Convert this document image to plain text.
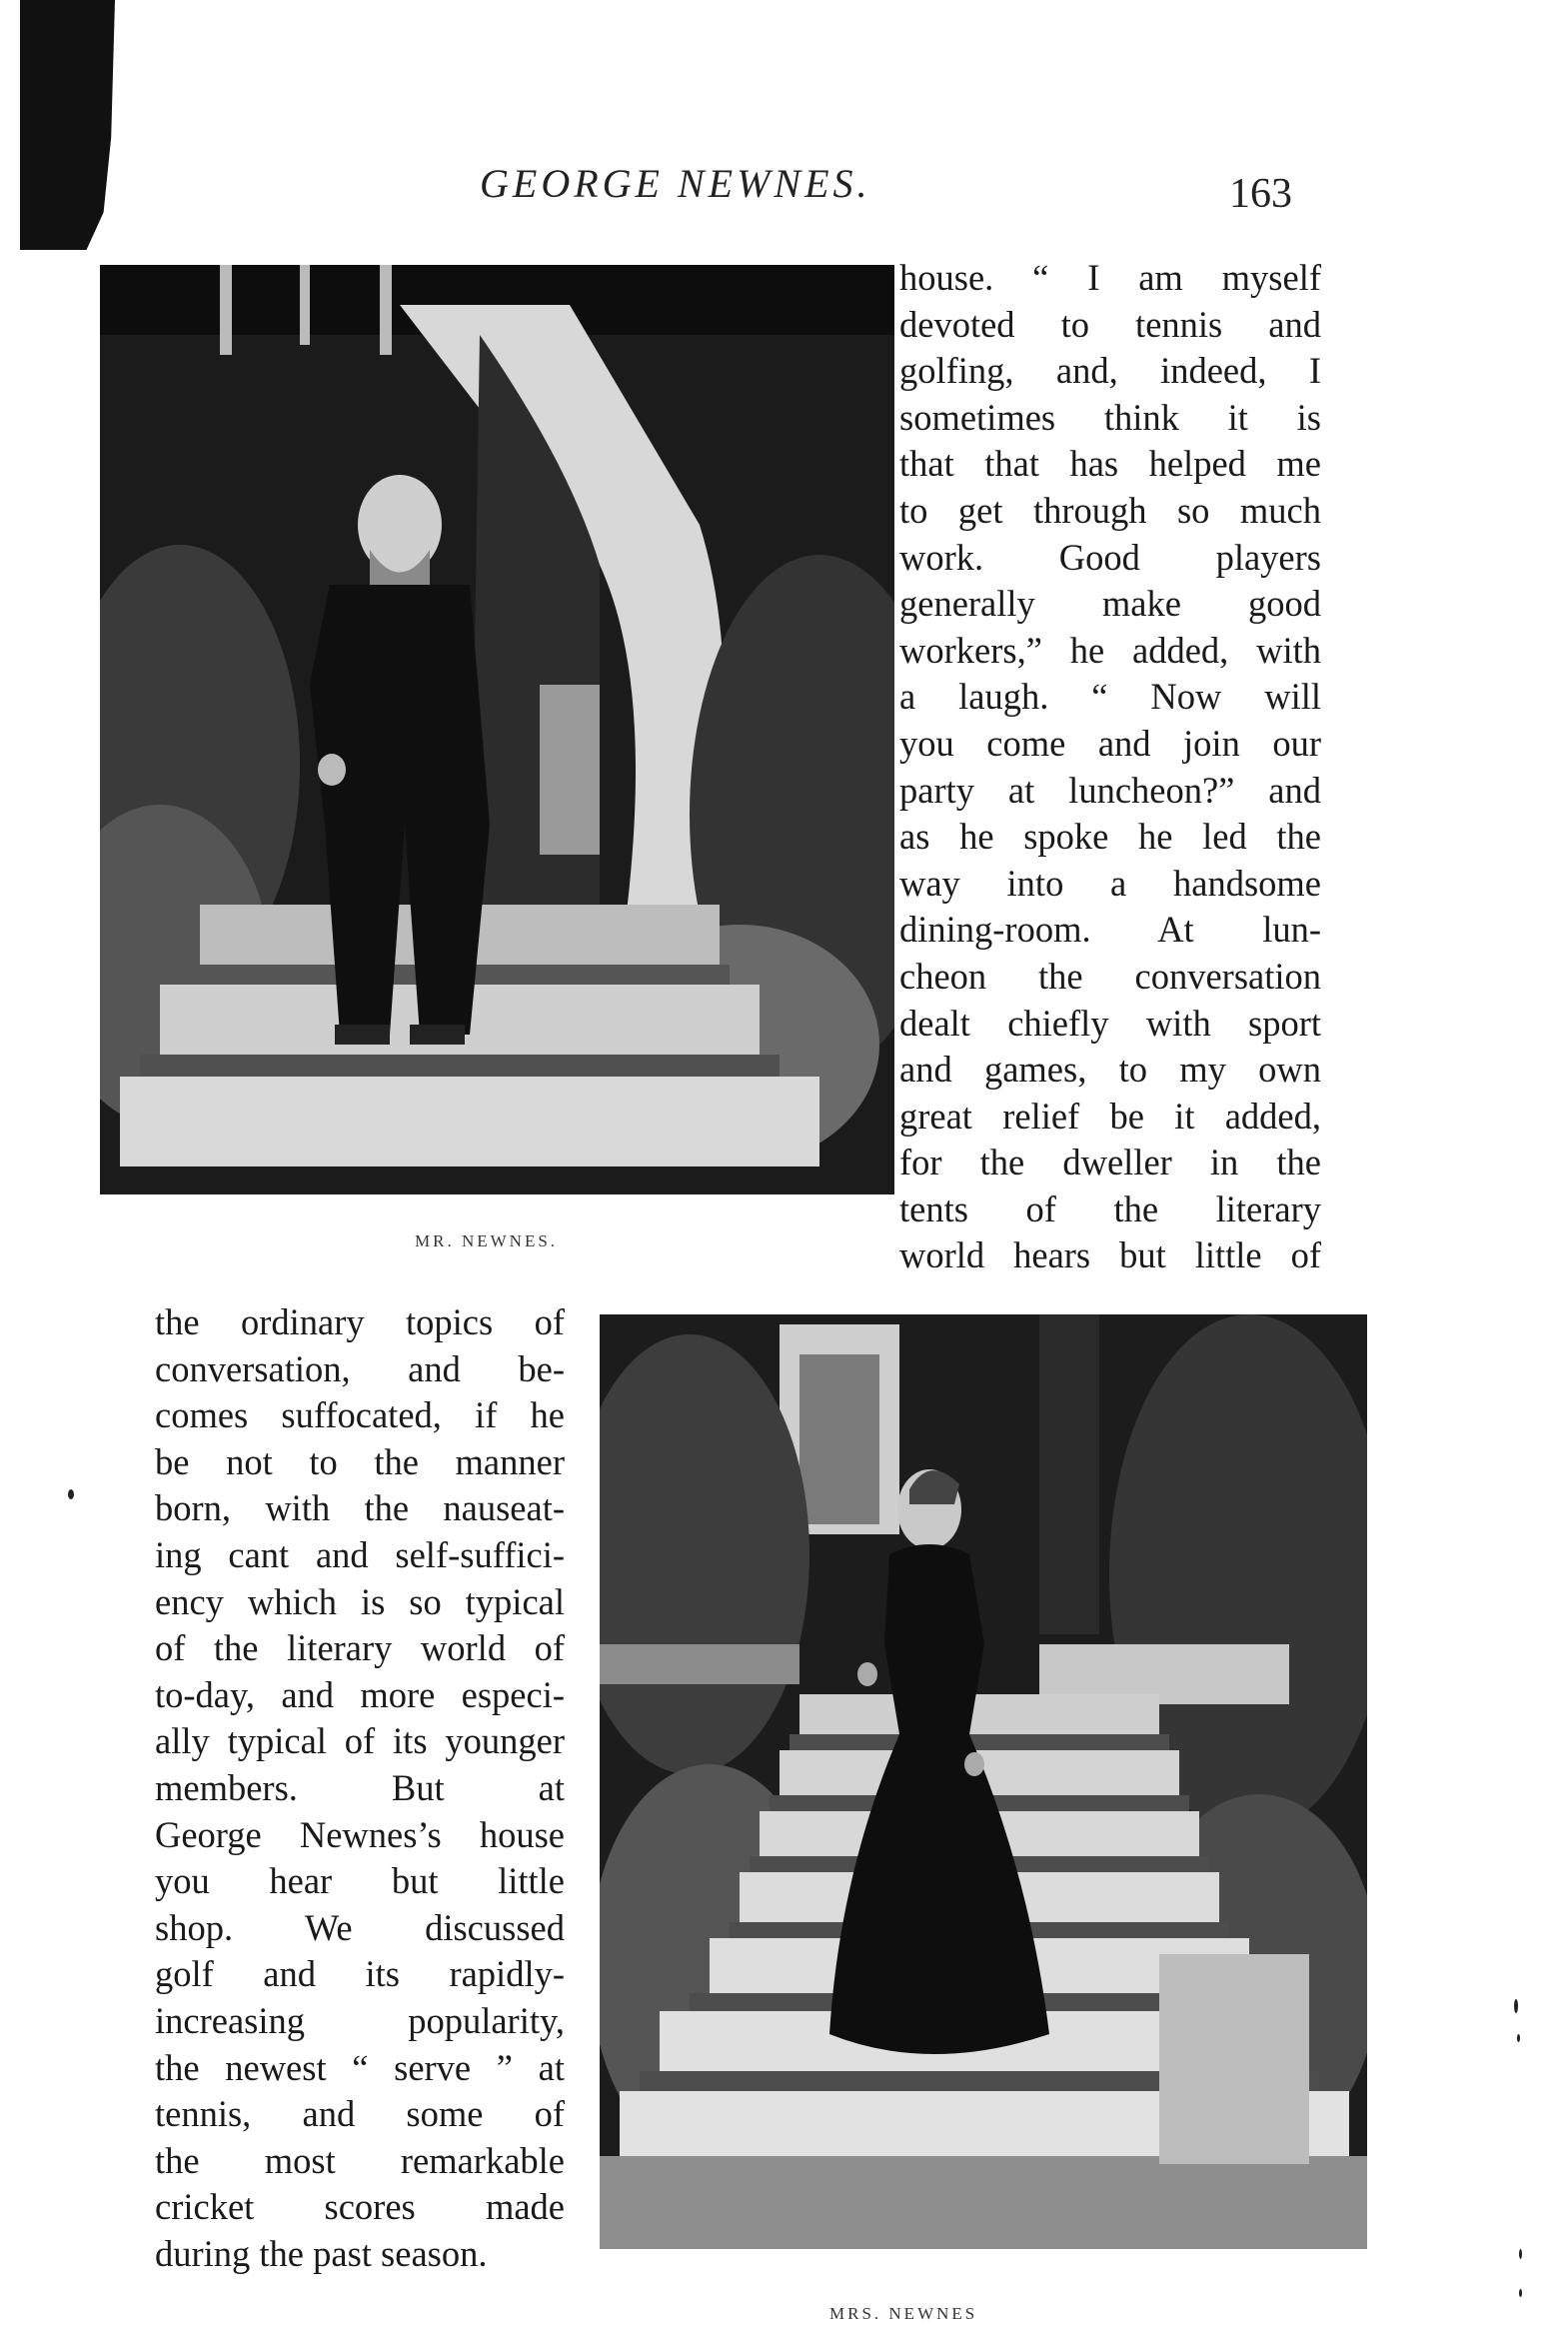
GEORGE NEWNES.	163
MR. NEWNES.
house. “ I am myself
devoted to tennis and
golfing, and, indeed, I
sometimes think it is
that that has helped me
to get through so much
work. Good players
generally make good
workers,” he added, with
a laugh. “ Now will
you come and join our
party at luncheon?” and
as he spoke he led the
way into a handsome
dining-room. At lun-
cheon the conversation
dealt chiefly with sport
and games, to my own
great relief be it added,
for the dweller in the
tents of the literary
world hears but little of
the ordinary topics of
conversation, and be-
comes suffocated, if he
be not to the manner
born, with the nauseat-
ing cant and self-suffici-
ency which is so typical
of the literary world of
to-day, and more especi-
ally typical of its younger
members. But at
George Newnes’s house
you hear but little
shop. We discussed
golf and its rapidly-
increasing popularity,
the newest “ serve ” at
tennis, and some of
the most remarkable
cricket scores made
during the past season.
MRS. NEWNES
